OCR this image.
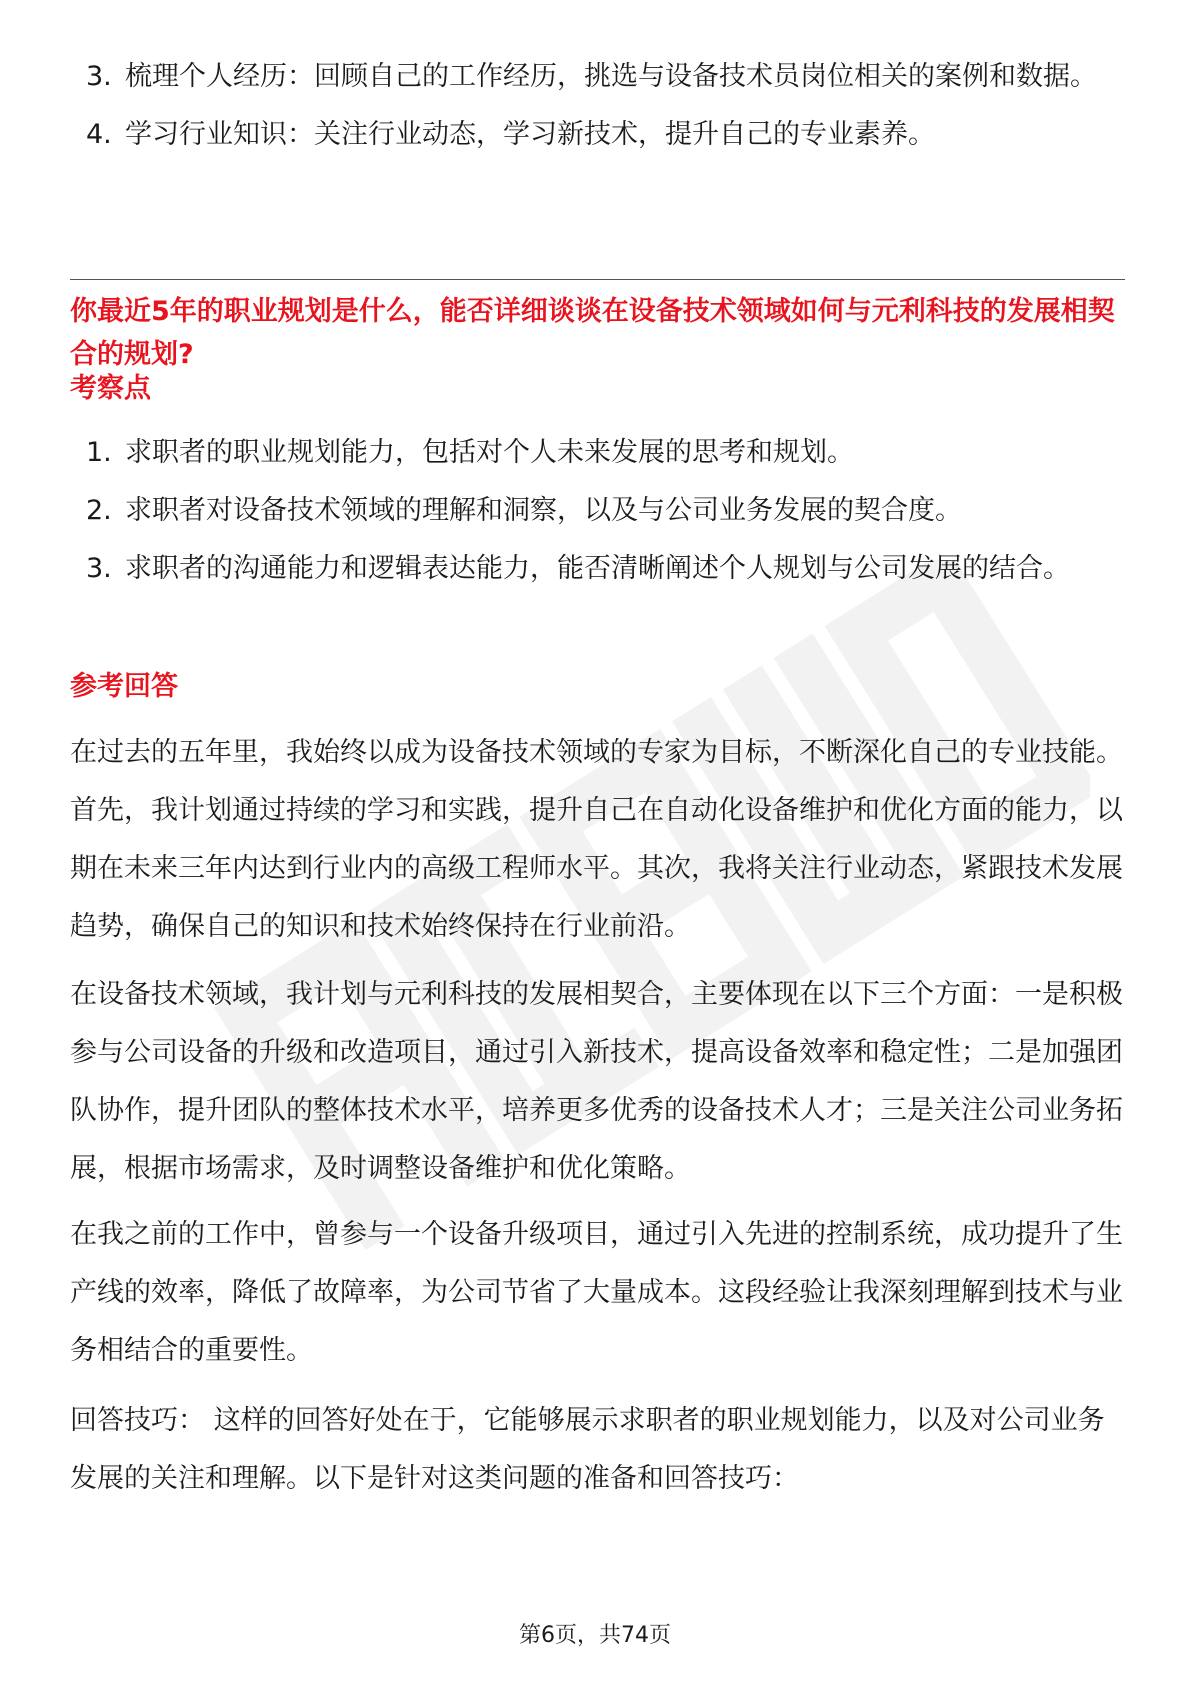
3. 梳理个人经历：回顾自己的工作经历，挑选与设备技术员岗位相关的案例和数据。
4. 学习行业知识：关注行业动态，学习新技术，提升自己的专业素养。
你最近5年的职业规划是什么，能否详细谈谈在设备技术领域如何与元利科技的发展相契合的规划?
考察点
1. 求职者的职业规划能力，包括对个人未来发展的思考和规划。
2. 求职者对设备技术领域的理解和洞察，以及与公司业务发展的契合度。
3. 求职者的沟通能力和逻辑表达能力，能否清晰阐述个人规划与公司发展的结合。
参考回答
在过去的五年里，我始终以成为设备技术领域的专家为目标，不断深化自己的专业技能。首先，我计划通过持续的学习和实践，提升自己在自动化设备维护和优化方面的能力，以期在未来三年内达到行业内的高级工程师水平。其次，我将关注行业动态，紧跟技术发展趋势，确保自己的知识和技术始终保持在行业前沿。
在设备技术领域，我计划与元利科技的发展相契合，主要体现在以下三个方面：一是积极参与公司设备的升级和改造项目，通过引入新技术，提高设备效率和稳定性；二是加强团队协作，提升团队的整体技术水平，培养更多优秀的设备技术人才；三是关注公司业务拓展，根据市场需求，及时调整设备维护和优化策略。
在我之前的工作中，曾参与一个设备升级项目，通过引入先进的控制系统，成功提升了生产线的效率，降低了故障率，为公司节省了大量成本。这段经验让我深刻理解到技术与业务相结合的重要性。
回答技巧： 这样的回答好处在于，它能够展示求职者的职业规划能力，以及对公司业务发展的关注和理解。以下是针对这类问题的准备和回答技巧：
第6页，共74页
